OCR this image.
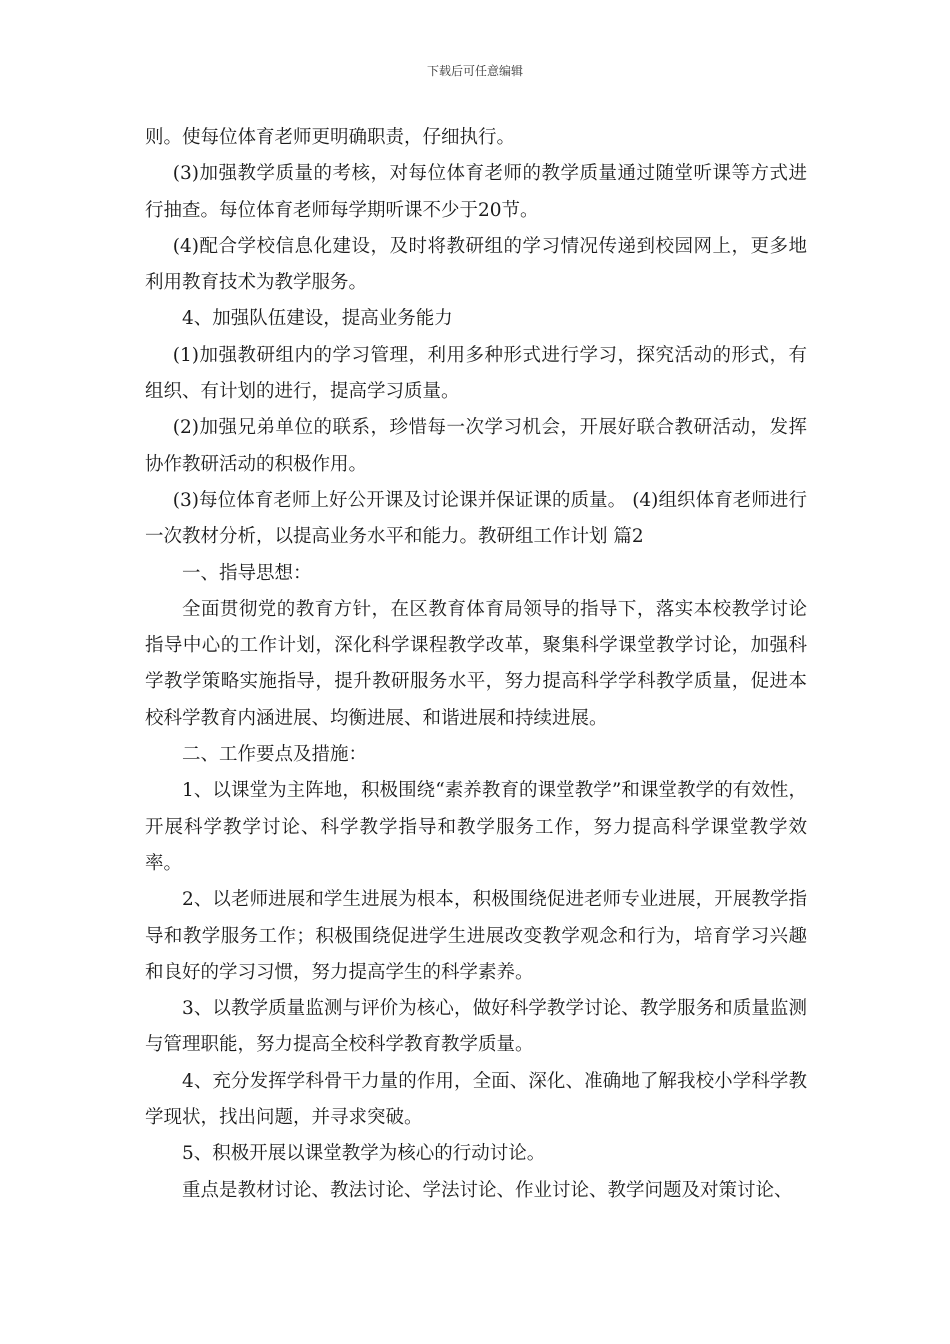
下载后可任意编辑

则。使每位体育老师更明确职责，仔细执行。

(3)加强教学质量的考核，对每位体育老师的教学质量通过随堂听课等方式进行抽查。每位体育老师每学期听课不少于20节。

(4)配合学校信息化建设，及时将教研组的学习情况传递到校园网上，更多地利用教育技术为教学服务。

4、加强队伍建设，提高业务能力

(1)加强教研组内的学习管理，利用多种形式进行学习，探究活动的形式，有组织、有计划的进行，提高学习质量。

(2)加强兄弟单位的联系，珍惜每一次学习机会，开展好联合教研活动，发挥协作教研活动的积极作用。

(3)每位体育老师上好公开课及讨论课并保证课的质量。 (4)组织体育老师进行一次教材分析，以提高业务水平和能力。教研组工作计划 篇2

一、指导思想：

全面贯彻党的教育方针，在区教育体育局领导的指导下，落实本校教学讨论指导中心的工作计划，深化科学课程教学改革，聚集科学课堂教学讨论，加强科学教学策略实施指导，提升教研服务水平，努力提高科学学科教学质量，促进本校科学教育内涵进展、均衡进展、和谐进展和持续进展。

二、工作要点及措施：

1、以课堂为主阵地，积极围绕“素养教育的课堂教学”和课堂教学的有效性，开展科学教学讨论、科学教学指导和教学服务工作，努力提高科学课堂教学效率。

2、以老师进展和学生进展为根本，积极围绕促进老师专业进展，开展教学指导和教学服务工作；积极围绕促进学生进展改变教学观念和行为，培育学习兴趣和良好的学习习惯，努力提高学生的科学素养。

3、以教学质量监测与评价为核心，做好科学教学讨论、教学服务和质量监测与管理职能，努力提高全校科学教育教学质量。

4、充分发挥学科骨干力量的作用，全面、深化、准确地了解我校小学科学教学现状，找出问题，并寻求突破。

5、积极开展以课堂教学为核心的行动讨论。

重点是教材讨论、教法讨论、学法讨论、作业讨论、教学问题及对策讨论、
